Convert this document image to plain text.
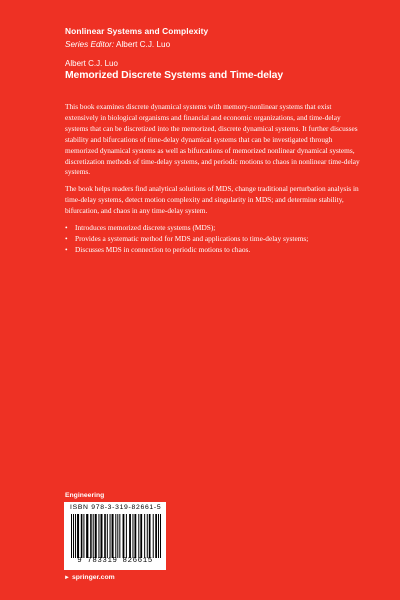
Nonlinear Systems and Complexity
Series Editor: Albert C.J. Luo
Albert C.J. Luo
Memorized Discrete Systems and Time-delay

This book examines discrete dynamical systems with memory-nonlinear systems that exist extensively in biological organisms and financial and economic organizations, and time-delay systems that can be discretized into the memorized, discrete dynamical systems. It further discusses stability and bifurcations of time-delay dynamical systems that can be investigated through memorized dynamical systems as well as bifurcations of memorized nonlinear dynamical systems, discretization methods of time-delay systems, and periodic motions to chaos in nonlinear time-delay systems.

The book helps readers find analytical solutions of MDS, change traditional perturbation analysis in time-delay systems, detect motion complexity and singularity in MDS; and determine stability, bifurcation, and chaos in any time-delay system.

• Introduces memorized discrete systems (MDS);
• Provides a systematic method for MDS and applications to time-delay systems;
• Discusses MDS in connection to periodic motions to chaos.
Engineering
ISBN 978-3-319-82661-5
9 783319 826615
► springer.com
